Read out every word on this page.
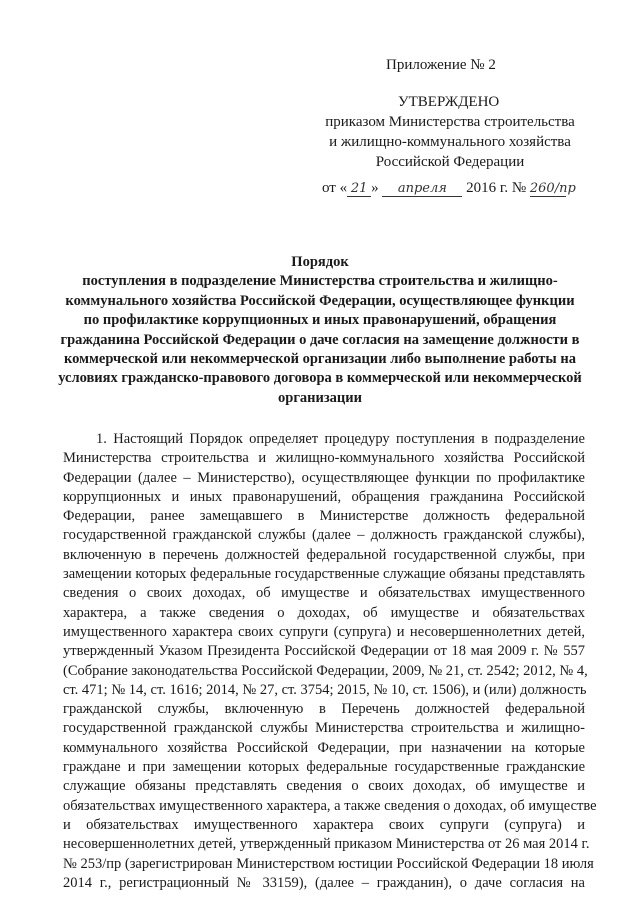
Приложение № 2
УТВЕРЖДЕНО
приказом Министерства строительства
и жилищно-коммунального хозяйства
Российской Федерации
от « 21 » апреля 2016 г. № 260/пр
Порядок
поступления в подразделение Министерства строительства и жилищно-
коммунального хозяйства Российской Федерации, осуществляющее функции
по профилактике коррупционных и иных правонарушений, обращения
гражданина Российской Федерации о даче согласия на замещение должности в
коммерческой или некоммерческой организации либо выполнение работы на
условиях гражданско-правового договора в коммерческой или некоммерческой
организации
1. Настоящий Порядок определяет процедуру поступления в подразделение
Министерства строительства и жилищно-коммунального хозяйства Российской
Федерации (далее – Министерство), осуществляющее функции по профилактике
коррупционных и иных правонарушений, обращения гражданина Российской
Федерации, ранее замещавшего в Министерстве должность федеральной
государственной гражданской службы (далее – должность гражданской службы),
включенную в перечень должностей федеральной государственной службы, при
замещении которых федеральные государственные служащие обязаны представлять
сведения о своих доходах, об имуществе и обязательствах имущественного
характера, а также сведения о доходах, об имуществе и обязательствах
имущественного характера своих супруги (супруга) и несовершеннолетних детей,
утвержденный Указом Президента Российской Федерации от 18 мая 2009 г. № 557
(Собрание законодательства Российской Федерации, 2009, № 21, ст. 2542; 2012, № 4,
ст. 471; № 14, ст. 1616; 2014, № 27, ст. 3754; 2015, № 10, ст. 1506), и (или) должность
гражданской службы, включенную в Перечень должностей федеральной
государственной гражданской службы Министерства строительства и жилищно-
коммунального хозяйства Российской Федерации, при назначении на которые
граждане и при замещении которых федеральные государственные гражданские
служащие обязаны представлять сведения о своих доходах, об имуществе и
обязательствах имущественного характера, а также сведения о доходах, об имуществе
и обязательствах имущественного характера своих супруги (супруга) и
несовершеннолетних детей, утвержденный приказом Министерства от 26 мая 2014 г.
№ 253/пр (зарегистрирован Министерством юстиции Российской Федерации 18 июля
2014 г., регистрационный № 33159), (далее – гражданин), о даче согласия на
